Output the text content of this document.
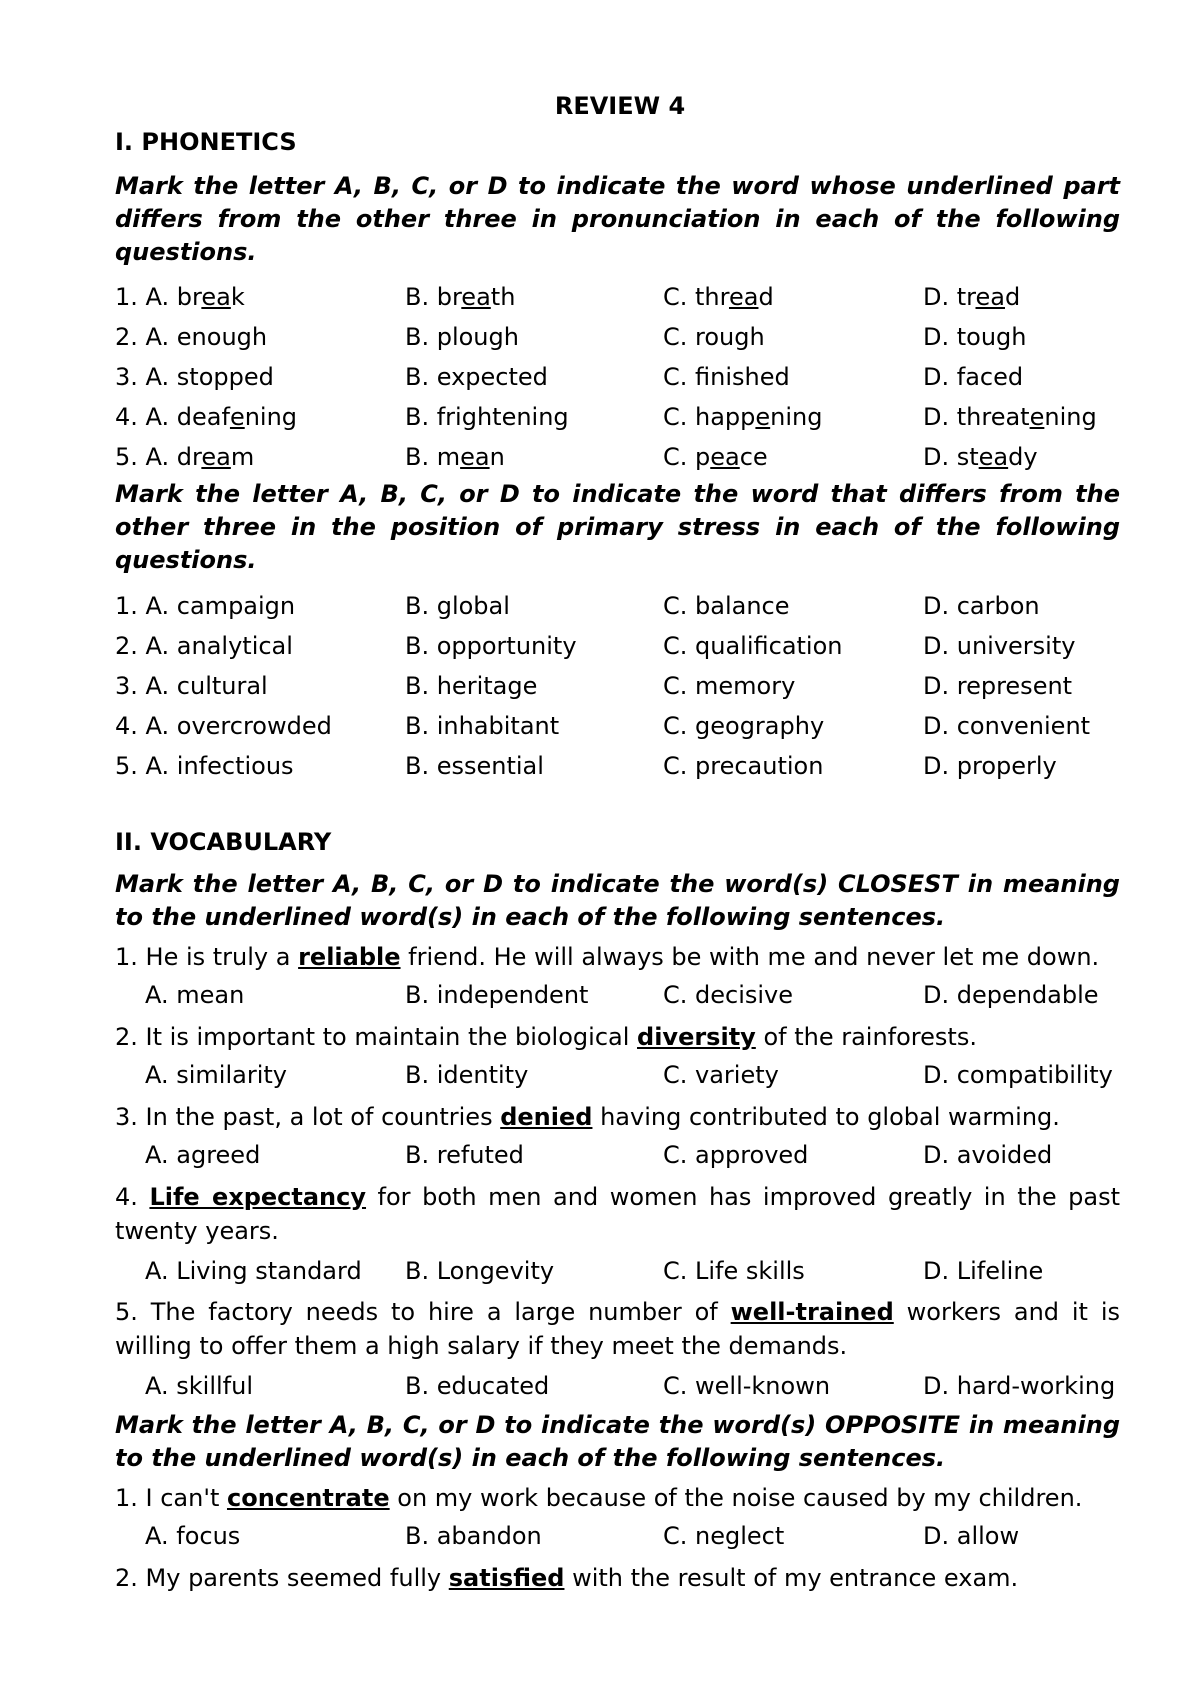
REVIEW 4
I. PHONETICS
Mark the letter A, B, C, or D to indicate the word whose underlined part differs from the other three in pronunciation in each of the following questions.
1. A. break	B. breath	C. thread	D. tread
2. A. enough	B. plough	C. rough	D. tough
3. A. stopped	B. expected	C. finished	D. faced
4. A. deafening	B. frightening	C. happening	D. threatening
5. A. dream	B. mean	C. peace	D. steady
Mark the letter A, B, C, or D to indicate the word that differs from the other three in the position of primary stress in each of the following questions.
1. A. campaign	B. global	C. balance	D. carbon
2. A. analytical	B. opportunity	C. qualification	D. university
3. A. cultural	B. heritage	C. memory	D. represent
4. A. overcrowded	B. inhabitant	C. geography	D. convenient
5. A. infectious	B. essential	C. precaution	D. properly
II. VOCABULARY
Mark the letter A, B, C, or D to indicate the word(s) CLOSEST in meaning to the underlined word(s) in each of the following sentences.
1. He is truly a reliable friend. He will always be with me and never let me down.
A. mean	B. independent	C. decisive	D. dependable
2. It is important to maintain the biological diversity of the rainforests.
A. similarity	B. identity	C. variety	D. compatibility
3. In the past, a lot of countries denied having contributed to global warming.
A. agreed	B. refuted	C. approved	D. avoided
4. Life expectancy for both men and women has improved greatly in the past twenty years.
A. Living standard B. Longevity	C. Life skills	D. Lifeline
5. The factory needs to hire a large number of well-trained workers and it is willing to offer them a high salary if they meet the demands.
A. skillful	B. educated	C. well-known	D. hard-working
Mark the letter A, B, C, or D to indicate the word(s) OPPOSITE in meaning to the underlined word(s) in each of the following sentences.
1. I can't concentrate on my work because of the noise caused by my children.
A. focus	B. abandon	C. neglect	D. allow
2. My parents seemed fully satisfied with the result of my entrance exam.
